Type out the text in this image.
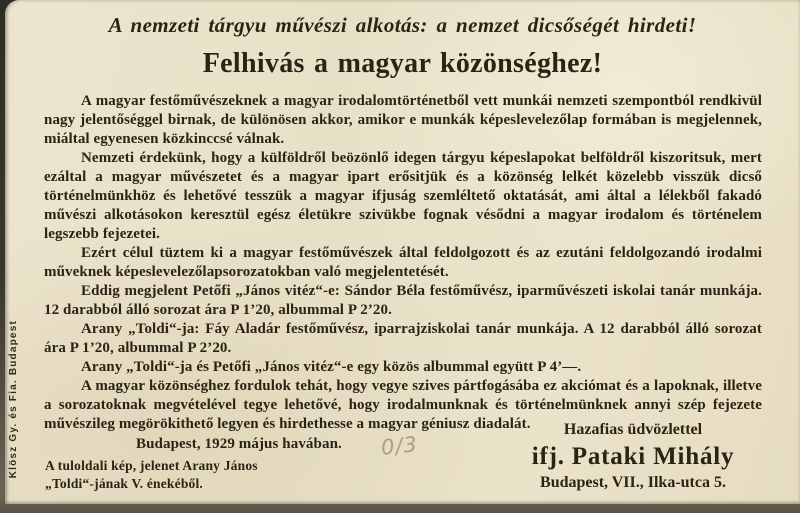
A nemzeti tárgyu művészi alkotás: a nemzet dicsőségét hirdeti!
Felhivás a magyar közönséghez!

A magyar festőművészeknek a magyar irodalomtörténetből vett munkái nemzeti szempontból rendkivül nagy jelentőséggel birnak, de különösen akkor, amikor e munkák képeslevelezőlap formában is megjelennek, miáltal egyenesen közkinccsé válnak.

Nemzeti érdekünk, hogy a külföldről beözönlő idegen tárgyu képeslapokat belföldről kiszoritsuk, mert ezáltal a magyar művészetet és a magyar ipart erősitjük és a közönség lelkét közelebb visszük dicső történelmünkhöz és lehetővé tesszük a magyar ifjuság szemléltető oktatását, ami által a lélekből fakadó művészi alkotásokon keresztül egész életükre szivükbe fognak vésődni a magyar irodalom és történelem legszebb fejezetei.

Ezért célul tüztem ki a magyar festőművészek által feldolgozott és az ezutáni feldolgozandó irodalmi műveknek képeslevelezőlapsorozatokban való megjelentetését.

Eddig megjelent Petőfi „János vitéz“-e: Sándor Béla festőművész, iparművészeti iskolai tanár munkája. 12 darabból álló sorozat ára P 1’20, albummal P 2’20.

Arany „Toldi“-ja: Fáy Aladár festőművész, iparrajziskolai tanár munkája. A 12 darabból álló sorozat ára P 1’20, albummal P 2’20.

Arany „Toldi“-ja és Petőfi „János vitéz“-e egy közös albummal együtt P 4’—.

A magyar közönséghez fordulok tehát, hogy vegye szives pártfogásába ez akciómat és a lapoknak, illetve a sorozatoknak megvételével tegye lehetővé, hogy irodalmunknak és történelmünknek annyi szép fejezete művészileg megörökithető legyen és hirdethesse a magyar géniusz diadalát.

Budapest, 1929 május havában.

Hazafias üdvözlettel
ifj. Pataki Mihály
Budapest, VII., Ilka-utca 5.
A tuloldali kép, jelenet Arany János
„Toldi“-jának V. énekéből.
Klösz Gy. és Fia. Budapest	0/3
